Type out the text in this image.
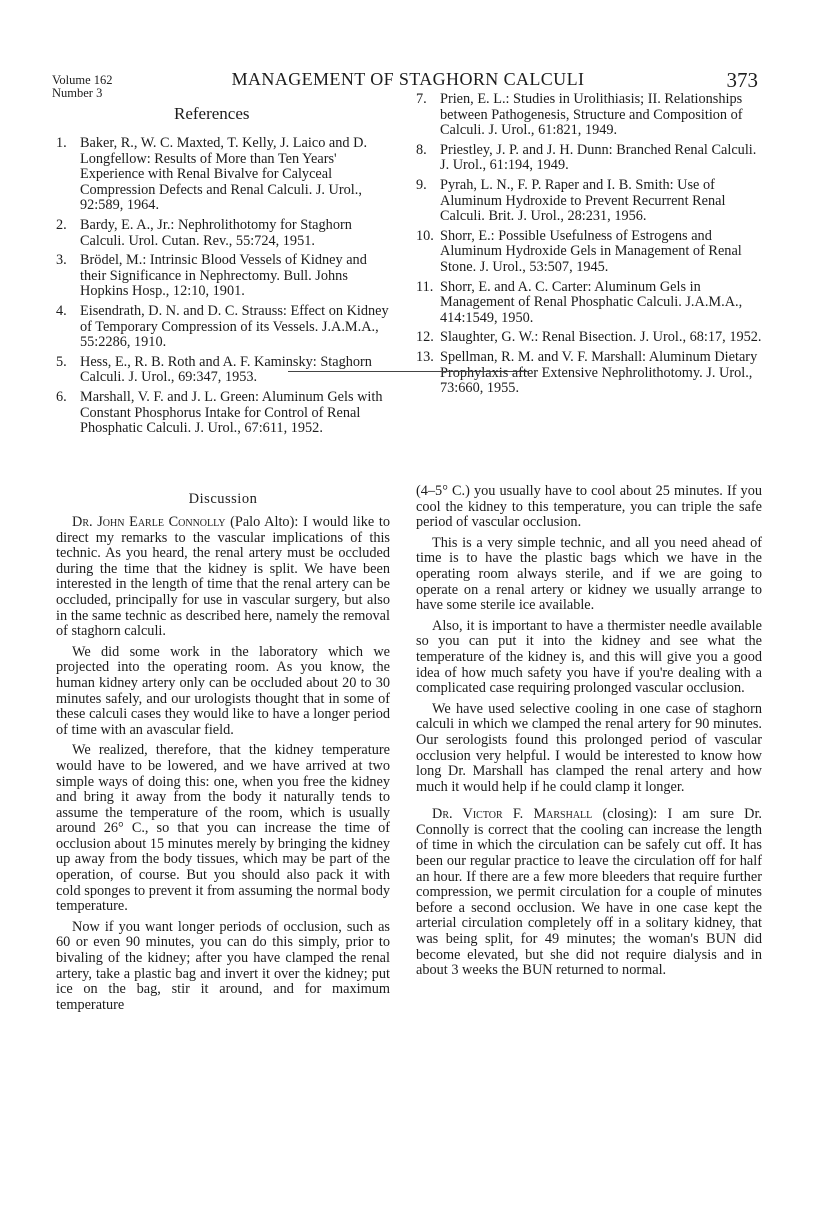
Volume 162
Number 3
MANAGEMENT OF STAGHORN CALCULI	373
References
1. Baker, R., W. C. Maxted, T. Kelly, J. Laico and D. Longfellow: Results of More than Ten Years' Experience with Renal Bivalve for Calyceal Compression Defects and Renal Calculi. J. Urol., 92:589, 1964.
2. Bardy, E. A., Jr.: Nephrolithotomy for Staghorn Calculi. Urol. Cutan. Rev., 55:724, 1951.
3. Brödel, M.: Intrinsic Blood Vessels of Kidney and their Significance in Nephrectomy. Bull. Johns Hopkins Hosp., 12:10, 1901.
4. Eisendrath, D. N. and D. C. Strauss: Effect on Kidney of Temporary Compression of its Vessels. J.A.M.A., 55:2286, 1910.
5. Hess, E., R. B. Roth and A. F. Kaminsky: Staghorn Calculi. J. Urol., 69:347, 1953.
6. Marshall, V. F. and J. L. Green: Aluminum Gels with Constant Phosphorus Intake for Control of Renal Phosphatic Calculi. J. Urol., 67:611, 1952.
7. Prien, E. L.: Studies in Urolithiasis; II. Relationships between Pathogenesis, Structure and Composition of Calculi. J. Urol., 61:821, 1949.
8. Priestley, J. P. and J. H. Dunn: Branched Renal Calculi. J. Urol., 61:194, 1949.
9. Pyrah, L. N., F. P. Raper and I. B. Smith: Use of Aluminum Hydroxide to Prevent Recurrent Renal Calculi. Brit. J. Urol., 28:231, 1956.
10. Shorr, E.: Possible Usefulness of Estrogens and Aluminum Hydroxide Gels in Management of Renal Stone. J. Urol., 53:507, 1945.
11. Shorr, E. and A. C. Carter: Aluminum Gels in Management of Renal Phosphatic Calculi. J.A.M.A., 414:1549, 1950.
12. Slaughter, G. W.: Renal Bisection. J. Urol., 68:17, 1952.
13. Spellman, R. M. and V. F. Marshall: Aluminum Dietary Prophylaxis after Extensive Nephrolithotomy. J. Urol., 73:660, 1955.
Discussion

Dr. John Earle Connolly (Palo Alto): I would like to direct my remarks to the vascular implications of this technic. As you heard, the renal artery must be occluded during the time that the kidney is split. We have been interested in the length of time that the renal artery can be occluded, principally for use in vascular surgery, but also in the same technic as described here, namely the removal of staghorn calculi.

We did some work in the laboratory which we projected into the operating room. As you know, the human kidney artery only can be occluded about 20 to 30 minutes safely, and our urologists thought that in some of these calculi cases they would like to have a longer period of time with an avascular field.

We realized, therefore, that the kidney temperature would have to be lowered, and we have arrived at two simple ways of doing this: one, when you free the kidney and bring it away from the body it naturally tends to assume the temperature of the room, which is usually around 26° C., so that you can increase the time of occlusion about 15 minutes merely by bringing the kidney up away from the body tissues, which may be part of the operation, of course. But you should also pack it with cold sponges to prevent it from assuming the normal body temperature.

Now if you want longer periods of occlusion, such as 60 or even 90 minutes, you can do this simply, prior to bivaling of the kidney; after you have clamped the renal artery, take a plastic bag and invert it over the kidney; put ice on the bag, stir it around, and for maximum temperature

(4–5° C.) you usually have to cool about 25 minutes. If you cool the kidney to this temperature, you can triple the safe period of vascular occlusion.

This is a very simple technic, and all you need ahead of time is to have the plastic bags which we have in the operating room always sterile, and if we are going to operate on a renal artery or kidney we usually arrange to have some sterile ice available.

Also, it is important to have a thermister needle available so you can put it into the kidney and see what the temperature of the kidney is, and this will give you a good idea of how much safety you have if you're dealing with a complicated case requiring prolonged vascular occlusion.

We have used selective cooling in one case of staghorn calculi in which we clamped the renal artery for 90 minutes. Our serologists found this prolonged period of vascular occlusion very helpful. I would be interested to know how long Dr. Marshall has clamped the renal artery and how much it would help if he could clamp it longer.

Dr. Victor F. Marshall (closing): I am sure Dr. Connolly is correct that the cooling can increase the length of time in which the circulation can be safely cut off. It has been our regular practice to leave the circulation off for half an hour. If there are a few more bleeders that require further compression, we permit circulation for a couple of minutes before a second occlusion. We have in one case kept the arterial circulation completely off in a solitary kidney, that was being split, for 49 minutes; the woman's BUN did become elevated, but she did not require dialysis and in about 3 weeks the BUN returned to normal.
